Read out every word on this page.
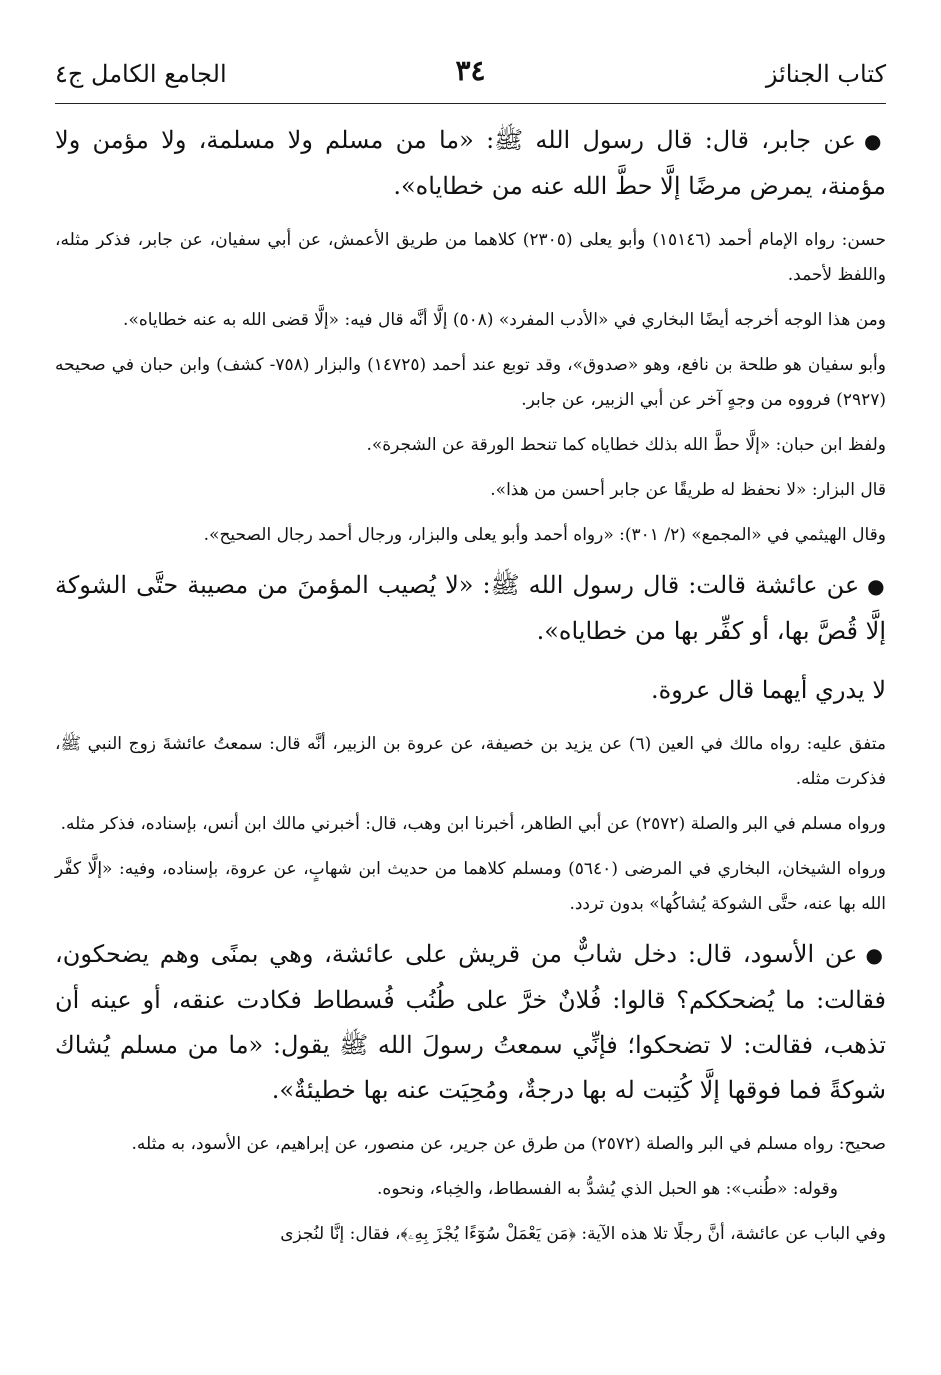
كتاب الجنائز
٣٤
الجامع الكامل ج٤

●عن جابر، قال: قال رسول الله ﷺ: «ما من مسلم ولا مسلمة، ولا مؤمن ولا مؤمنة، يمرض مرضًا إلَّا حطَّ الله عنه من خطاياه».

حسن: رواه الإمام أحمد (١٥١٤٦) وأبو يعلى (٢٣٠٥) كلاهما من طريق الأعمش، عن أبي سفيان، عن جابر، فذكر مثله، واللفظ لأحمد.

ومن هذا الوجه أخرجه أيضًا البخاري في «الأدب المفرد» (٥٠٨) إلَّا أنَّه قال فيه: «إلَّا قضى الله به عنه خطاياه».

وأبو سفيان هو طلحة بن نافع، وهو «صدوق»، وقد توبع عند أحمد (١٤٧٢٥) والبزار (٧٥٨- كشف) وابن حبان في صحيحه (٢٩٢٧) فرووه من وجهٍ آخر عن أبي الزبير، عن جابر.

ولفظ ابن حبان: «إلَّا حطَّ الله بذلك خطاياه كما تنحط الورقة عن الشجرة».

قال البزار: «لا نحفظ له طريقًا عن جابر أحسن من هذا».

وقال الهيثمي في «المجمع» (٢/ ٣٠١): «رواه أحمد وأبو يعلى والبزار، ورجال أحمد رجال الصحيح».

●عن عائشة قالت: قال رسول الله ﷺ: «لا يُصيب المؤمنَ من مصيبة حتَّى الشوكة إلَّا قُصَّ بها، أو كفِّر بها من خطاياه».

لا يدري أيهما قال عروة.

متفق عليه: رواه مالك في العين (٦) عن يزيد بن خصيفة، عن عروة بن الزبير، أنَّه قال: سمعتُ عائشةَ زوج النبي ﷺ، فذكرت مثله.

ورواه مسلم في البر والصلة (٢٥٧٢) عن أبي الطاهر، أخبرنا ابن وهب، قال: أخبرني مالك ابن أنس، بإسناده، فذكر مثله.

ورواه الشيخان، البخاري في المرضى (٥٦٤٠) ومسلم كلاهما من حديث ابن شهابٍ، عن عروة، بإسناده، وفيه: «إلَّا كفَّر الله بها عنه، حتَّى الشوكة يُشاكُها» بدون تردد.

●عن الأسود، قال: دخل شابٌّ من قريش على عائشة، وهي بمنًى وهم يضحكون، فقالت: ما يُضحككم؟ قالوا: فُلانٌ خرَّ على طُنُب فُسطاط فكادت عنقه، أو عينه أن تذهب، فقالت: لا تضحكوا؛ فإنِّي سمعتُ رسولَ الله ﷺ يقول: «ما من مسلم يُشاك شوكةً فما فوقها إلَّا كُتِبت له بها درجةٌ، ومُحِيَت عنه بها خطيئةٌ».

صحيح: رواه مسلم في البر والصلة (٢٥٧٢) من طرق عن جرير، عن منصور، عن إبراهيم، عن الأسود، به مثله.

وقوله: «طُنب»: هو الحبل الذي يُشدُّ به الفسطاط، والخِباء، ونحوه.

وفي الباب عن عائشة، أنَّ رجلًا تلا هذه الآية: ﴿مَن يَعْمَلْ سُوٓءًا يُجْزَ بِهِۦ﴾، فقال: إنَّا لنُجزى
